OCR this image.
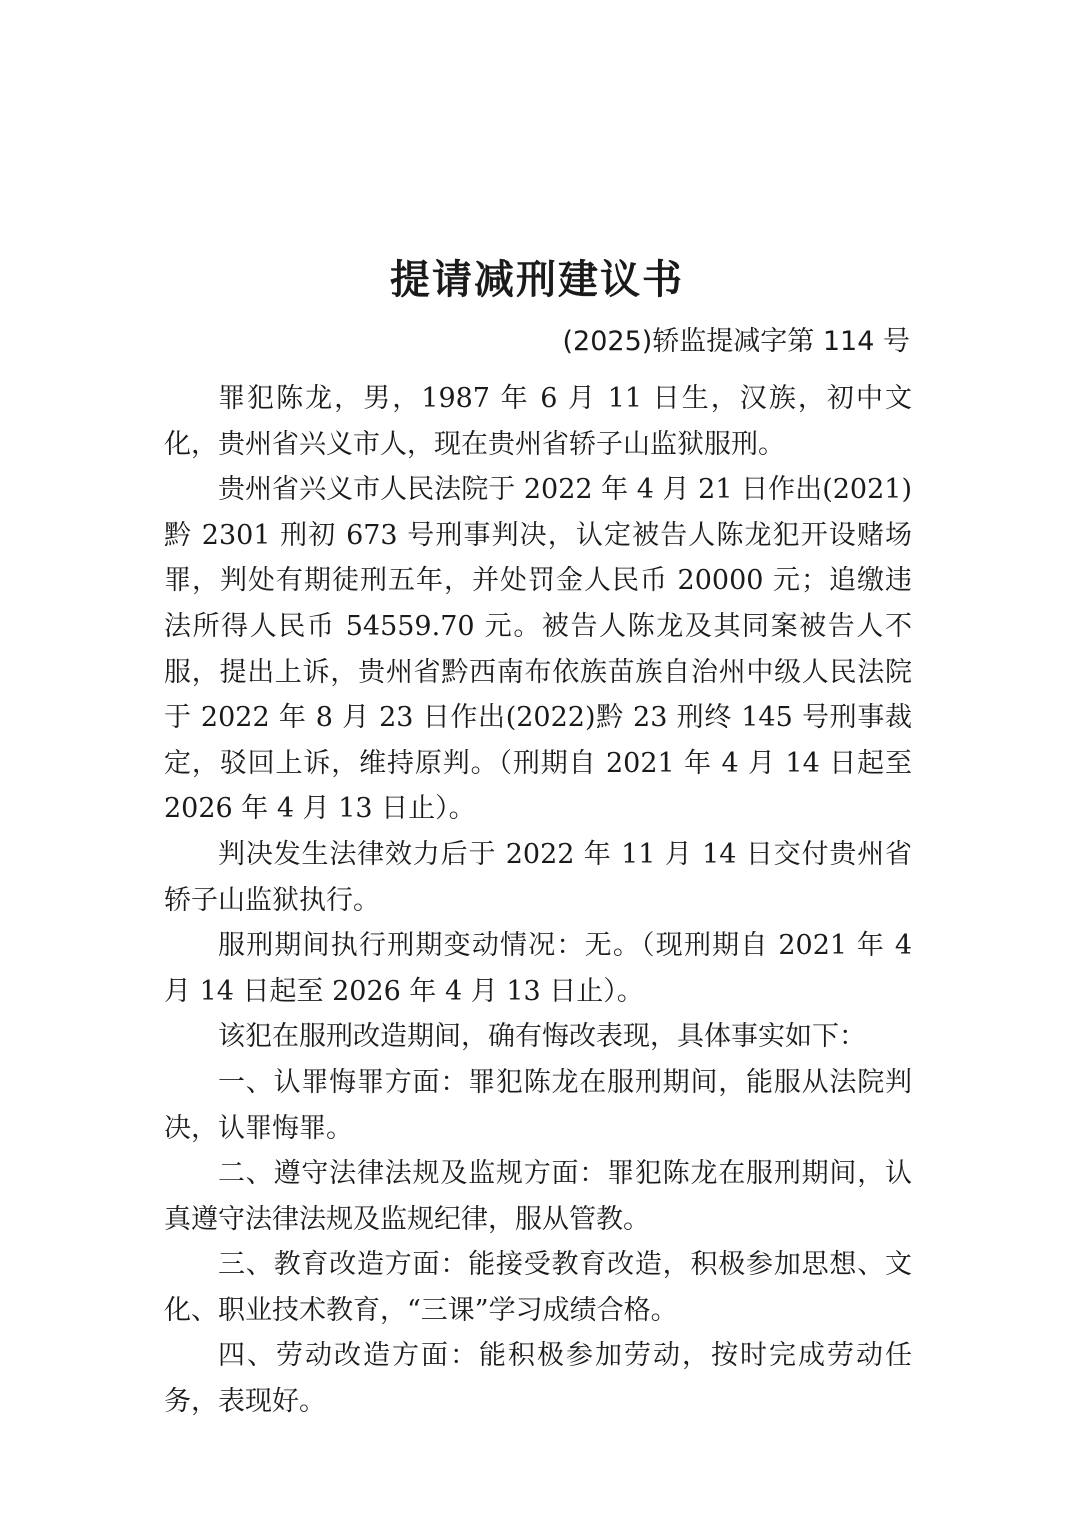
提请减刑建议书
(2025)轿监提减字第 114 号

罪犯陈龙，男，1987 年 6 月 11 日生，汉族，初中文化，贵州省兴义市人，现在贵州省轿子山监狱服刑。

贵州省兴义市人民法院于 2022 年 4 月 21 日作出(2021)黔 2301 刑初 673 号刑事判决，认定被告人陈龙犯开设赌场罪，判处有期徒刑五年，并处罚金人民币 20000 元；追缴违法所得人民币 54559.70 元。被告人陈龙及其同案被告人不服，提出上诉，贵州省黔西南布依族苗族自治州中级人民法院于 2022 年 8 月 23 日作出(2022)黔 23 刑终 145 号刑事裁定，驳回上诉，维持原判。（刑期自 2021 年 4 月 14 日起至 2026 年 4 月 13 日止）。

判决发生法律效力后于 2022 年 11 月 14 日交付贵州省轿子山监狱执行。

服刑期间执行刑期变动情况：无。（现刑期自 2021 年 4 月 14 日起至 2026 年 4 月 13 日止）。

该犯在服刑改造期间，确有悔改表现，具体事实如下：

一、认罪悔罪方面：罪犯陈龙在服刑期间，能服从法院判决，认罪悔罪。

二、遵守法律法规及监规方面：罪犯陈龙在服刑期间，认真遵守法律法规及监规纪律，服从管教。

三、教育改造方面：能接受教育改造，积极参加思想、文化、职业技术教育，“三课”学习成绩合格。

四、劳动改造方面：能积极参加劳动，按时完成劳动任务，表现好。
